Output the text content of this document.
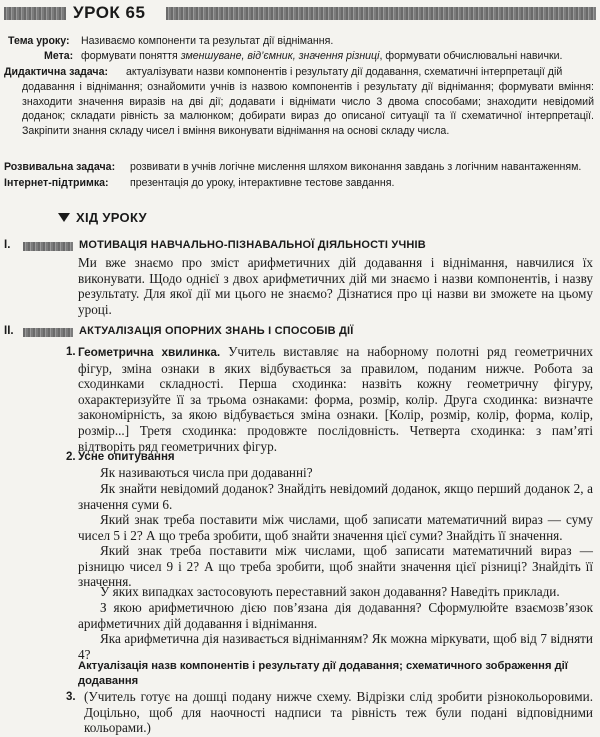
УРОК 65
Тема уроку: Називаємо компоненти та результат дії віднімання.
Мета: формувати поняття зменшуване, від’ємник, значення різниці, формувати обчислювальні навички.
Дидактична задача: актуалізувати назви компонентів і результату дії додавання, схематичні інтерпретації дій
додавання і віднімання; ознайомити учнів із назвою компонентів і результату дії віднімання; формувати вміння: знаходити значення виразів на дві дії; додавати і віднімати число 3 двома способами; знаходити невідомий доданок; складати рівність за малюнком; добирати вираз до описаної ситуації та її схематичної інтерпретації. Закріпити знання складу чисел і вміння виконувати віднімання на основі складу числа.
Розвивальна задача: розвивати в учнів логічне мислення шляхом виконання завдань з логічним навантаженням.
Інтернет-підтримка: презентація до уроку, інтерактивне тестове завдання.
ХІД УРОКУ
I.	МОТИВАЦІЯ НАВЧАЛЬНО-ПІЗНАВАЛЬНОЇ ДІЯЛЬНОСТІ УЧНІВ
Ми вже знаємо про зміст арифметичних дій додавання і віднімання, навчилися їх виконувати. Щодо однієї з двох арифметичних дій ми знаємо і назви компонентів, і назву результату. Для якої дії ми цього не знаємо? Дізнатися про ці назви ви зможете на цьому уроці.
II.	АКТУАЛІЗАЦІЯ ОПОРНИХ ЗНАНЬ І СПОСОБІВ ДІЇ
1. Геометрична хвилинка. Учитель виставляє на наборному полотні ряд геометричних фігур, зміна ознаки в яких відбувається за правилом, поданим нижче. Робота за сходинками складності. Перша сходинка: назвіть кожну геометричну фігуру, охарактеризуйте її за трьома ознаками: форма, розмір, колір. Друга сходинка: визначте закономірність, за якою відбувається зміна ознаки. [Колір, розмір, колір, форма, колір, розмір...] Третя сходинка: продовжте послідовність. Четверта сходинка: з пам’яті відтворіть ряд геометричних фігур.
2. Усне опитування
Як називаються числа при додаванні?
Як знайти невідомий доданок? Знайдіть невідомий доданок, якщо перший доданок 2, а значення суми 6.
Який знак треба поставити між числами, щоб записати математичний вираз — суму чисел 5 і 2? А що треба зробити, щоб знайти значення цієї суми? Знайдіть її значення.
Який знак треба поставити між числами, щоб записати математичний вираз — різницю чисел 9 і 2? А що треба зробити, щоб знайти значення цієї різниці? Знайдіть її значення.
У яких випадках застосовують переставний закон додавання? Наведіть приклади.
З якою арифметичною дією пов’язана дія додавання? Сформулюйте взаємозв’язок арифметичних дій додавання і віднімання.
Яка арифметична дія називається відніманням? Як можна міркувати, щоб від 7 відняти 4?
Актуалізація назв компонентів і результату дії додавання; схематичного зображення дії додавання
3. (Учитель готує на дошці подану нижче схему. Відрізки слід зробити різнокольоровими. Доцільно, щоб для наочності надписи та рівність теж були подані відповідними кольорами.)
